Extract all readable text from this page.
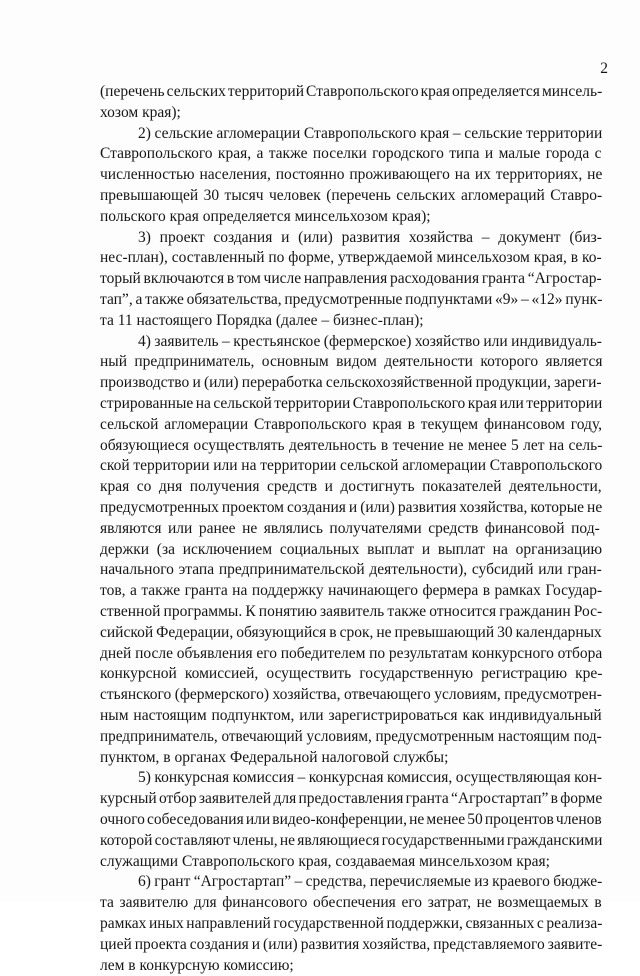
2
(перечень сельских территорий Ставропольского края определяется минсель-
хозом края);
2) сельские агломерации Ставропольского края – сельские территории
Ставропольского края, а также поселки городского типа и малые города с
численностью населения, постоянно проживающего на их территориях, не
превышающей 30 тысяч человек (перечень сельских агломераций Ставро-
польского края определяется минсельхозом края);
3) проект создания и (или) развития хозяйства – документ (биз-
нес-план), составленный по форме, утверждаемой минсельхозом края, в ко-
торый включаются в том числе направления расходования гранта “Агростар-
тап”, а также обязательства, предусмотренные подпунктами «9» – «12» пунк-
та 11 настоящего Порядка (далее – бизнес-план);
4) заявитель – крестьянское (фермерское) хозяйство или индивидуаль-
ный предприниматель, основным видом деятельности которого является
производство и (или) переработка сельскохозяйственной продукции, зареги-
стрированные на сельской территории Ставропольского края или территории
сельской агломерации Ставропольского края в текущем финансовом году,
обязующиеся осуществлять деятельность в течение не менее 5 лет на сель-
ской территории или на территории сельской агломерации Ставропольского
края со дня получения средств и достигнуть показателей деятельности,
предусмотренных проектом создания и (или) развития хозяйства, которые не
являются или ранее не являлись получателями средств финансовой под-
держки (за исключением социальных выплат и выплат на организацию
начального этапа предпринимательской деятельности), субсидий или гран-
тов, а также гранта на поддержку начинающего фермера в рамках Государ-
ственной программы. К понятию заявитель также относится гражданин Рос-
сийской Федерации, обязующийся в срок, не превышающий 30 календарных
дней после объявления его победителем по результатам конкурсного отбора
конкурсной комиссией, осуществить государственную регистрацию кре-
стьянского (фермерского) хозяйства, отвечающего условиям, предусмотрен-
ным настоящим подпунктом, или зарегистрироваться как индивидуальный
предприниматель, отвечающий условиям, предусмотренным настоящим под-
пунктом, в органах Федеральной налоговой службы;
5) конкурсная комиссия – конкурсная комиссия, осуществляющая кон-
курсный отбор заявителей для предоставления гранта “Агростартап” в форме
очного собеседования или видео-конференции, не менее 50 процентов членов
которой составляют члены, не являющиеся государственными гражданскими
служащими Ставропольского края, создаваемая минсельхозом края;
6) грант “Агростартап” – средства, перечисляемые из краевого бюдже-
та заявителю для финансового обеспечения его затрат, не возмещаемых в
рамках иных направлений государственной поддержки, связанных с реализа-
цией проекта создания и (или) развития хозяйства, представляемого заявите-
лем в конкурсную комиссию;
